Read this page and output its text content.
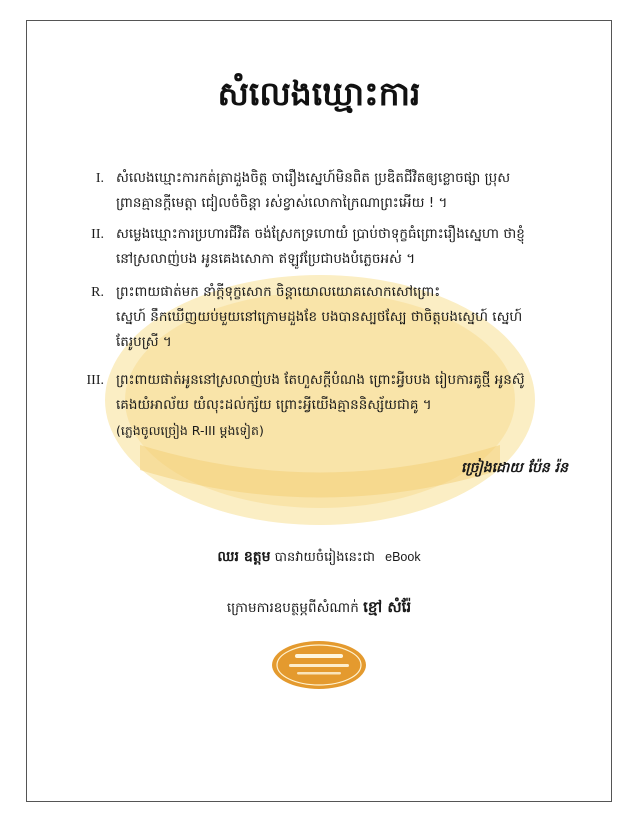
សំលេងឃ្មោះការ
I. សំលេងឃ្មោះការកត់ត្រាដួងចិត្ត ចារឿងស្នេហ៍មិនពិត ប្រឌិតជីវិតឲ្យខ្លោចផ្សា ប្រុស
ព្រានគ្មានក្ដីមេត្តា ជៀលចំចិន្ដា រស់ខ្វាស់លោកាក្រៃណាព្រះអើយ ! ។
II. សម្លេងឃ្មោះការប្រហារជីវិត ចង់ស្រែកទ្រហោយំ ប្រាប់ថាទុក្ខធំព្រោះរឿងស្នេហា ថាខ្ញុំ
នៅស្រលាញ់បង អូនគេងសោកា ឥឡូវប្រែជាបងបំភ្លេចអស់ ។
R. ព្រះពាយផាត់មក នាំក្ដីទុក្ខសោក ចិន្ដាយោលយោគសោកសៅព្រោះ
ស្នេហ៍ នឹកឃើញយប់មួយនៅក្រោមដួងខែ បងបានស្បថស្បែ ថាចិត្តបងស្នេហ៍ ស្នេហ៍
តែរូបស្រី ។
III. ព្រះពាយផាត់អូននៅស្រលាញ់បង តែហួសក្ដីបំណង ព្រោះអ្វីបបង រៀបការគូថ្មី អូនស៊ូ
គេងយំអាល័យ យំលុះដល់ក្ស័យ ព្រោះអ្វីយើងគ្មាននិស្ស័យជាគូ ។
(ភ្លេងចូលច្រៀង R-III ម្ដងទៀត)
ច្រៀងដោយ ប៉ែន រ៉ន
ឈរ ឧត្តម បានវាយចំរៀងនេះជា eBook
ក្រោមការឧបត្ថម្ភពីសំណាក់ ខ្មៅ សំរ៉ែ
